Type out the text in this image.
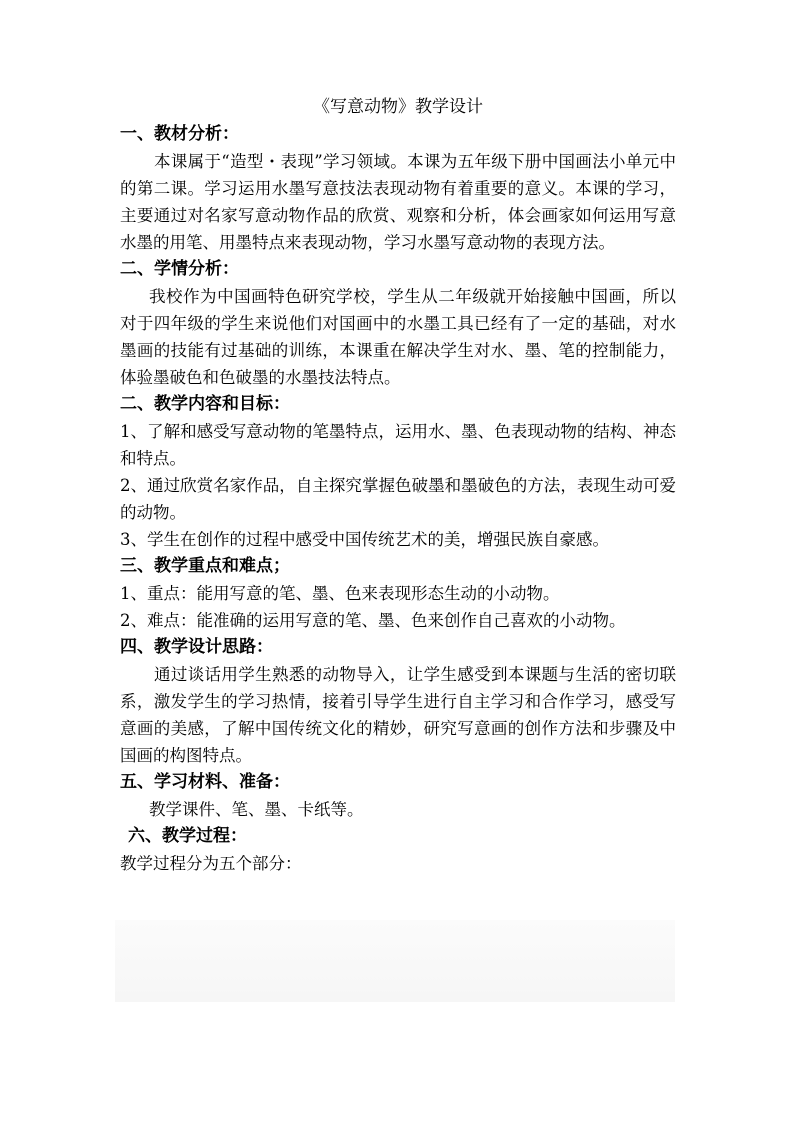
《写意动物》教学设计

一、教材分析：

本课属于“造型・表现”学习领域。本课为五年级下册中国画法小单元中的第二课。学习运用水墨写意技法表现动物有着重要的意义。本课的学习，主要通过对名家写意动物作品的欣赏、观察和分析，体会画家如何运用写意水墨的用笔、用墨特点来表现动物，学习水墨写意动物的表现方法。

二、学情分析：

我校作为中国画特色研究学校，学生从二年级就开始接触中国画，所以对于四年级的学生来说他们对国画中的水墨工具已经有了一定的基础，对水墨画的技能有过基础的训练，本课重在解决学生对水、墨、笔的控制能力，体验墨破色和色破墨的水墨技法特点。

二、教学内容和目标：

1、了解和感受写意动物的笔墨特点，运用水、墨、色表现动物的结构、神态和特点。

2、通过欣赏名家作品，自主探究掌握色破墨和墨破色的方法，表现生动可爱的动物。

3、学生在创作的过程中感受中国传统艺术的美，增强民族自豪感。

三、教学重点和难点；

1、重点：能用写意的笔、墨、色来表现形态生动的小动物。

2、难点：能准确的运用写意的笔、墨、色来创作自己喜欢的小动物。

四、教学设计思路：

通过谈话用学生熟悉的动物导入，让学生感受到本课题与生活的密切联系，激发学生的学习热情，接着引导学生进行自主学习和合作学习，感受写意画的美感，了解中国传统文化的精妙，研究写意画的创作方法和步骤及中国画的构图特点。

五、学习材料、准备：

教学课件、笔、墨、卡纸等。

六、教学过程：

教学过程分为五个部分：
